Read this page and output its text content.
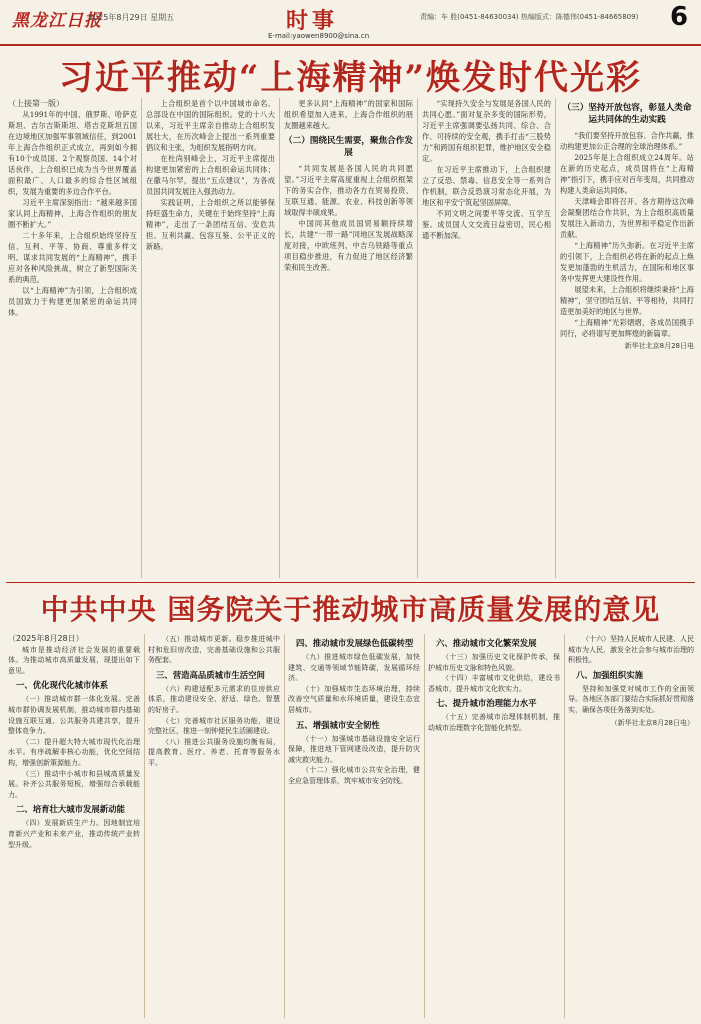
黑龙江日报
2025年8月29日 星期五	时事
E-mail:yaowen8900@sina.cn
责编：车 胜(0451-84630034) 热编版式：陈德伟(0451-84665809)	6
习近平推动“上海精神”焕发时代光彩
（上接第一版）

从1991年的中国、俄罗斯、哈萨克斯坦、吉尔吉斯斯坦、塔吉克斯坦五国在边境地区加强军事领域信任，到2001年上海合作组织正式成立，再到如今拥有10个成员国、2个观察员国、14个对话伙伴，上合组织已成为当今世界覆盖面积最广、人口最多的综合性区域组织，发展为重要的多边合作平台。

习近平主席深刻指出：“越来越多国家认同上海精神，上海合作组织的朋友圈不断扩大。”

二十多年来，上合组织始终坚持互信、互利、平等、协商、尊重多样文明、谋求共同发展的“上海精神”，携手应对各种风险挑战，树立了新型国际关系的典范。

以“上海精神”为引领，上合组织成员国致力于构建更加紧密的命运共同体。

上合组织是首个以中国城市命名、总部设在中国的国际组织。党的十八大以来，习近平主席亲自推动上合组织发展壮大，在历次峰会上提出一系列重要倡议和主张，为组织发展指明方向。

在杜尚别峰会上，习近平主席提出构建更加紧密的上合组织命运共同体；在撒马尔罕，提出“五点建议”，为各成员国共同发展注入强劲动力。

实践证明，上合组织之所以能够保持旺盛生命力，关键在于始终坚持“上海精神”，走出了一条团结互信、安危共担、互利共赢、包容互鉴、公平正义的新路。

更多认同“上海精神”的国家和国际组织希望加入进来，上海合作组织的朋友圈越来越大。

（二）围绕民生需要，聚焦合作发展

“共同发展是各国人民的共同愿望。”习近平主席高度重视上合组织框架下的务实合作，推动各方在贸易投资、互联互通、能源、农业、科技创新等领域取得丰硕成果。

中国同其他成员国贸易额持续增长，共建“一带一路”同地区发展战略深度对接，中欧班列、中吉乌铁路等重点项目稳步推进，有力促进了地区经济繁荣和民生改善。

“实现持久安全与发展是各国人民的共同心愿。”面对复杂多变的国际形势，习近平主席强调要弘扬共同、综合、合作、可持续的安全观，携手打击“三股势力”和跨国有组织犯罪，维护地区安全稳定。

在习近平主席推动下，上合组织建立了反恐、禁毒、信息安全等一系列合作机制，联合反恐演习常态化开展，为地区和平安宁筑起坚固屏障。

不同文明之间要平等交流、互学互鉴。成员国人文交流日益密切，民心相通不断加深。

（三）坚持开放包容，彰显人类命运共同体的生动实践

“我们要坚持开放包容、合作共赢，推动构建更加公正合理的全球治理体系。”

2025年是上合组织成立24周年。站在新的历史起点，成员国将在“上海精神”指引下，携手应对百年变局，共同推动构建人类命运共同体。

天津峰会即将召开。各方期待这次峰会凝聚团结合作共识，为上合组织高质量发展注入新动力，为世界和平稳定作出新贡献。

“上海精神”历久弥新。在习近平主席的引领下，上合组织必将在新的起点上焕发更加蓬勃的生机活力，在国际和地区事务中发挥更大建设性作用。

展望未来，上合组织将继续秉持“上海精神”，坚守团结互信、平等相待，共同打造更加美好的地区与世界。

“上海精神”光彩熠熠，各成员国携手同行，必将谱写更加辉煌的新篇章。

新华社北京8月28日电
中共中央 国务院关于推动城市高质量发展的意见
（2025年8月28日）

城市是推动经济社会发展的重要载体。为推动城市高质量发展，现提出如下意见。

一、优化现代化城市体系

（一）推动城市群一体化发展。完善城市群协调发展机制，推动城市群内基础设施互联互通、公共服务共建共享，提升整体竞争力。

（二）提升超大特大城市现代化治理水平。有序疏解非核心功能，优化空间结构，增强创新策源能力。

（三）推动中小城市和县城高质量发展。补齐公共服务短板，增强综合承载能力。

二、培育壮大城市发展新动能

（四）发展新质生产力。因地制宜培育新兴产业和未来产业，推动传统产业转型升级。

（五）推动城市更新。稳步推进城中村和危旧房改造，完善基础设施和公共服务配套。

三、营造高品质城市生活空间

（六）构建适配多元需求的住房供应体系，推动建设安全、舒适、绿色、智慧的好房子。

（七）完善城市社区服务功能，建设完整社区，推进一刻钟便民生活圈建设。

（八）推进公共服务设施均衡布局，提高教育、医疗、养老、托育等服务水平。

四、推动城市发展绿色低碳转型

（九）推进城市绿色低碳发展，加快建筑、交通等领域节能降碳，发展循环经济。

（十）加强城市生态环境治理，持续改善空气质量和水环境质量，建设生态宜居城市。

五、增强城市安全韧性

（十一）加强城市基础设施安全运行保障，推进地下管网建设改造，提升防灾减灾救灾能力。

（十二）强化城市公共安全治理，健全应急管理体系，筑牢城市安全防线。

六、推动城市文化繁荣发展

（十三）加强历史文化保护传承，保护城市历史文脉和特色风貌。

（十四）丰富城市文化供给，建设书香城市，提升城市文化软实力。

七、提升城市治理能力水平

（十五）完善城市治理体制机制，推动城市治理数字化智能化转型。

（十六）坚持人民城市人民建、人民城市为人民，激发全社会参与城市治理的积极性。

八、加强组织实施

坚持和加强党对城市工作的全面领导。各地区各部门要结合实际抓好贯彻落实，确保各项任务落到实处。

（新华社北京8月28日电）
